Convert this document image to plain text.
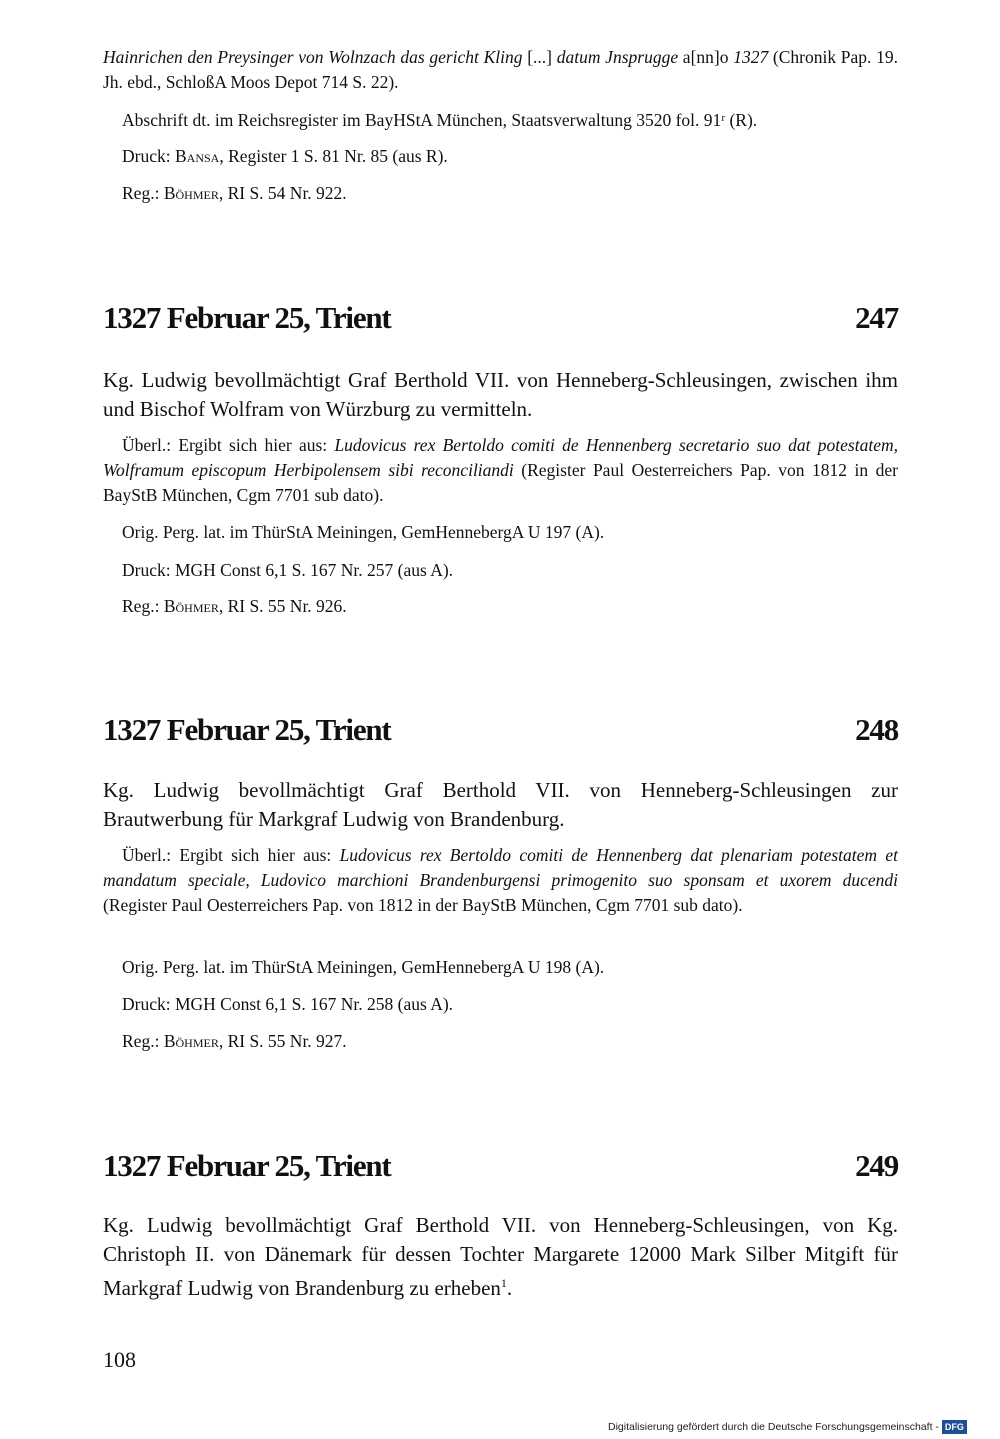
Hainrichen den Preysinger von Wolnzach das gericht Kling [...] datum Jnsprugge a[nn]o 1327 (Chronik Pap. 19. Jh. ebd., SchloßA Moos Depot 714 S. 22).
Abschrift dt. im Reichsregister im BayHStA München, Staatsverwaltung 3520 fol. 91ʳ (R).
Druck: Bansa, Register 1 S. 81 Nr. 85 (aus R).
Reg.: Böhmer, RI S. 54 Nr. 922.
1327 Februar 25, Trient	247
Kg. Ludwig bevollmächtigt Graf Berthold VII. von Henneberg-Schleusingen, zwischen ihm und Bischof Wolfram von Würzburg zu vermitteln.
Überl.: Ergibt sich hier aus: Ludovicus rex Bertoldo comiti de Hennenberg secretario suo dat potestatem, Wolframum episcopum Herbipolensem sibi reconciliandi (Register Paul Oesterreichers Pap. von 1812 in der BayStB München, Cgm 7701 sub dato).
Orig. Perg. lat. im ThürStA Meiningen, GemHennebergA U 197 (A).
Druck: MGH Const 6,1 S. 167 Nr. 257 (aus A).
Reg.: Böhmer, RI S. 55 Nr. 926.
1327 Februar 25, Trient	248
Kg. Ludwig bevollmächtigt Graf Berthold VII. von Henneberg-Schleusingen zur Brautwerbung für Markgraf Ludwig von Brandenburg.
Überl.: Ergibt sich hier aus: Ludovicus rex Bertoldo comiti de Hennenberg dat plenariam potestatem et mandatum speciale, Ludovico marchioni Brandenburgensi primogenito suo sponsam et uxorem ducendi (Register Paul Oesterreichers Pap. von 1812 in der BayStB München, Cgm 7701 sub dato).
Orig. Perg. lat. im ThürStA Meiningen, GemHennebergA U 198 (A).
Druck: MGH Const 6,1 S. 167 Nr. 258 (aus A).
Reg.: Böhmer, RI S. 55 Nr. 927.
1327 Februar 25, Trient	249
Kg. Ludwig bevollmächtigt Graf Berthold VII. von Henneberg-Schleusingen, von Kg. Christoph II. von Dänemark für dessen Tochter Margarete 12000 Mark Silber Mitgift für Markgraf Ludwig von Brandenburg zu erheben$^1$.
108
Digitalisierung gefördert durch die Deutsche Forschungsgemeinschaft - DFG
